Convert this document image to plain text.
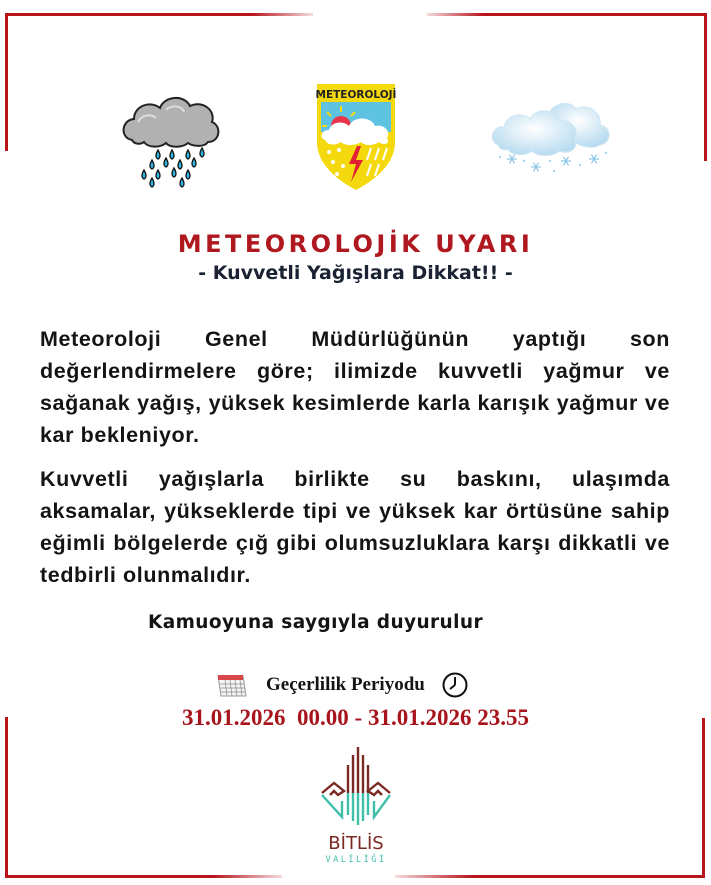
METEOROLOJİ
METEOROLOJİK UYARI
- Kuvvetli Yağışlara Dikkat!! -

Meteoroloji Genel Müdürlüğünün yaptığı son değerlendirmelere göre; ilimizde kuvvetli yağmur ve sağanak yağış, yüksek kesimlerde karla karışık yağmur ve kar bekleniyor.

Kuvvetli yağışlarla birlikte su baskını, ulaşımda aksamalar, yükseklerde tipi ve yüksek kar örtüsüne sahip eğimli bölgelerde çığ gibi olumsuzluklara karşı dikkatli ve tedbirli olunmalıdır.

Kamuoyuna saygıyla duyurulur
Geçerlilik Periyodu
31.01.2026  00.00 - 31.01.2026 23.55
BİTLİS
VALİLİĞİ
